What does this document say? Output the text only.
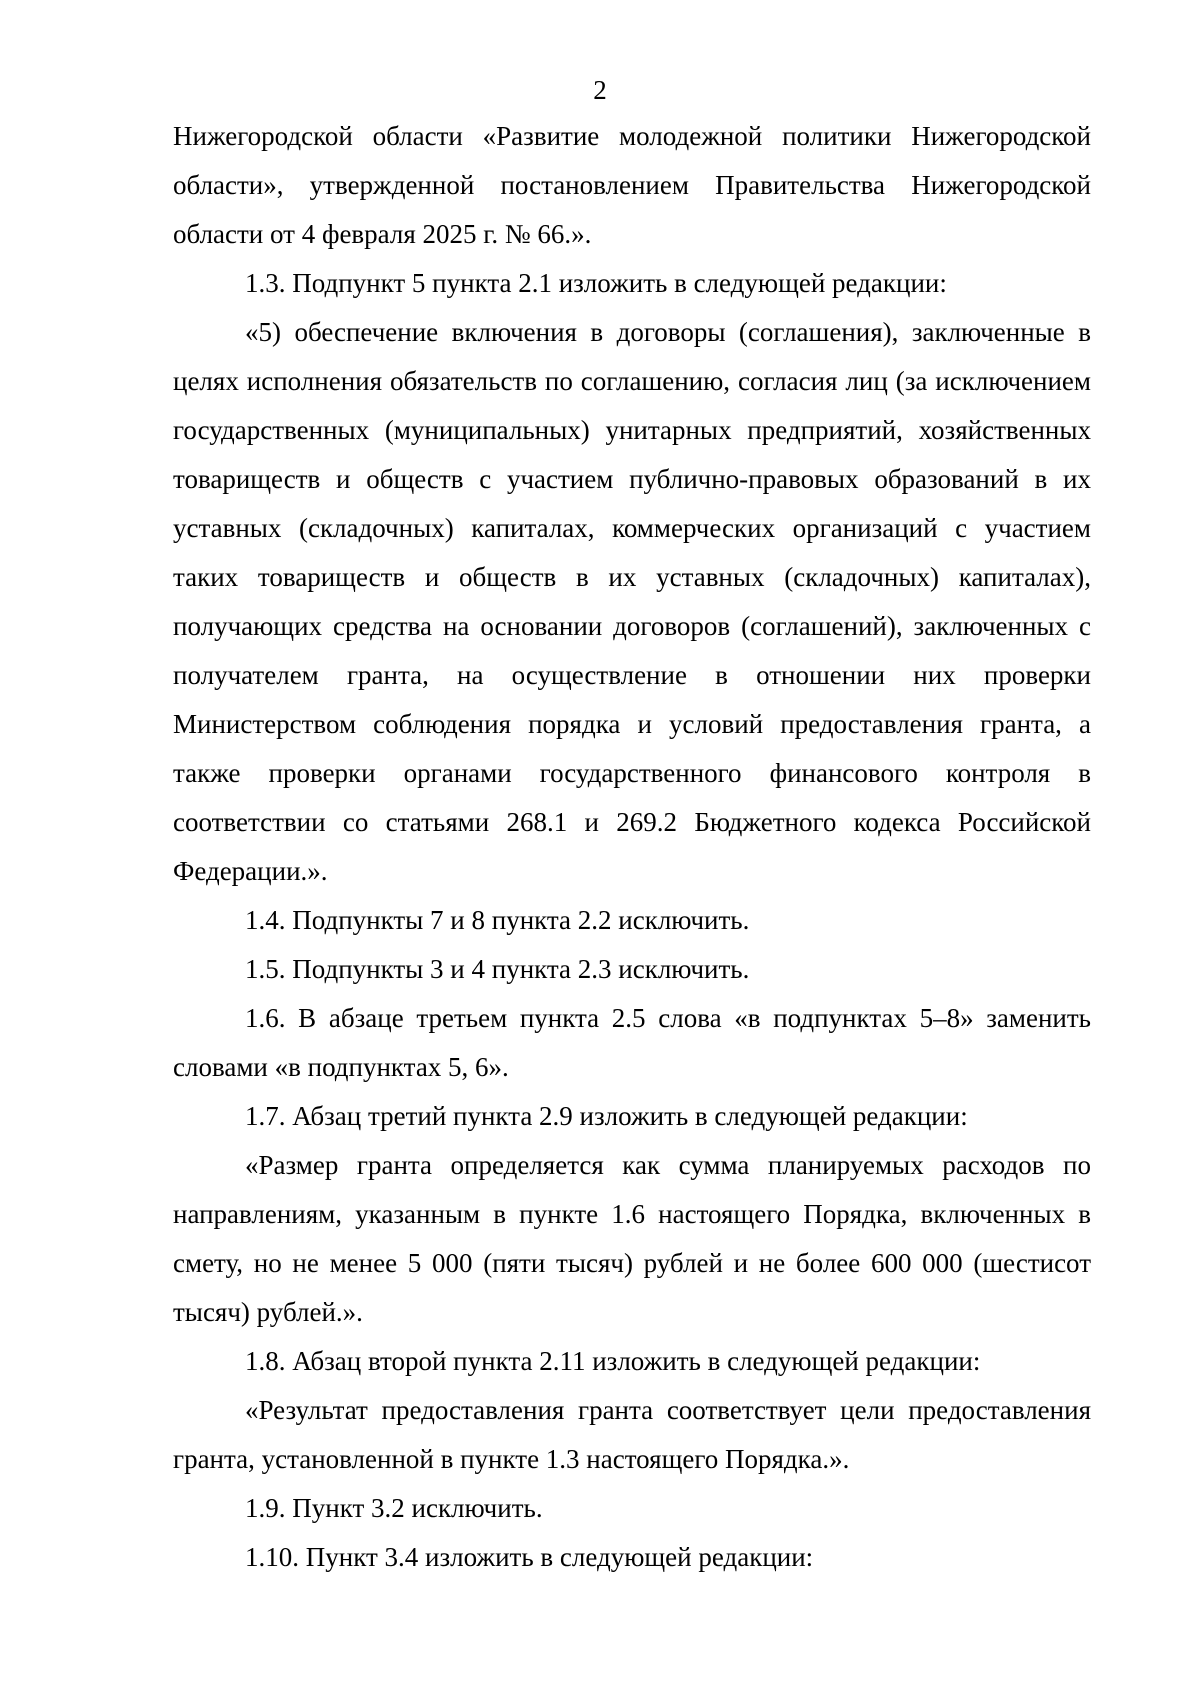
2

Нижегородской области «Развитие молодежной политики Нижегородской области», утвержденной постановлением Правительства Нижегородской области от 4 февраля 2025 г. № 66.».

1.3. Подпункт 5 пункта 2.1 изложить в следующей редакции:

«5) обеспечение включения в договоры (соглашения), заключенные в целях исполнения обязательств по соглашению, согласия лиц (за исключением государственных (муниципальных) унитарных предприятий, хозяйственных товариществ и обществ с участием публично-правовых образований в их уставных (складочных) капиталах, коммерческих организаций с участием таких товариществ и обществ в их уставных (складочных) капиталах), получающих средства на основании договоров (соглашений), заключенных с получателем гранта, на осуществление в отношении них проверки Министерством соблюдения порядка и условий предоставления гранта, а также проверки органами государственного финансового контроля в соответствии со статьями 268.1 и 269.2 Бюджетного кодекса Российской Федерации.».

1.4. Подпункты 7 и 8 пункта 2.2 исключить.

1.5. Подпункты 3 и 4 пункта 2.3 исключить.

1.6. В абзаце третьем пункта 2.5 слова «в подпунктах 5–8» заменить словами «в подпунктах 5, 6».

1.7. Абзац третий пункта 2.9 изложить в следующей редакции:

«Размер гранта определяется как сумма планируемых расходов по направлениям, указанным в пункте 1.6 настоящего Порядка, включенных в смету, но не менее 5 000 (пяти тысяч) рублей и не более 600 000 (шестисот тысяч) рублей.».

1.8. Абзац второй пункта 2.11 изложить в следующей редакции:

«Результат предоставления гранта соответствует цели предоставления гранта, установленной в пункте 1.3 настоящего Порядка.».

1.9. Пункт 3.2 исключить.

1.10. Пункт 3.4 изложить в следующей редакции:
